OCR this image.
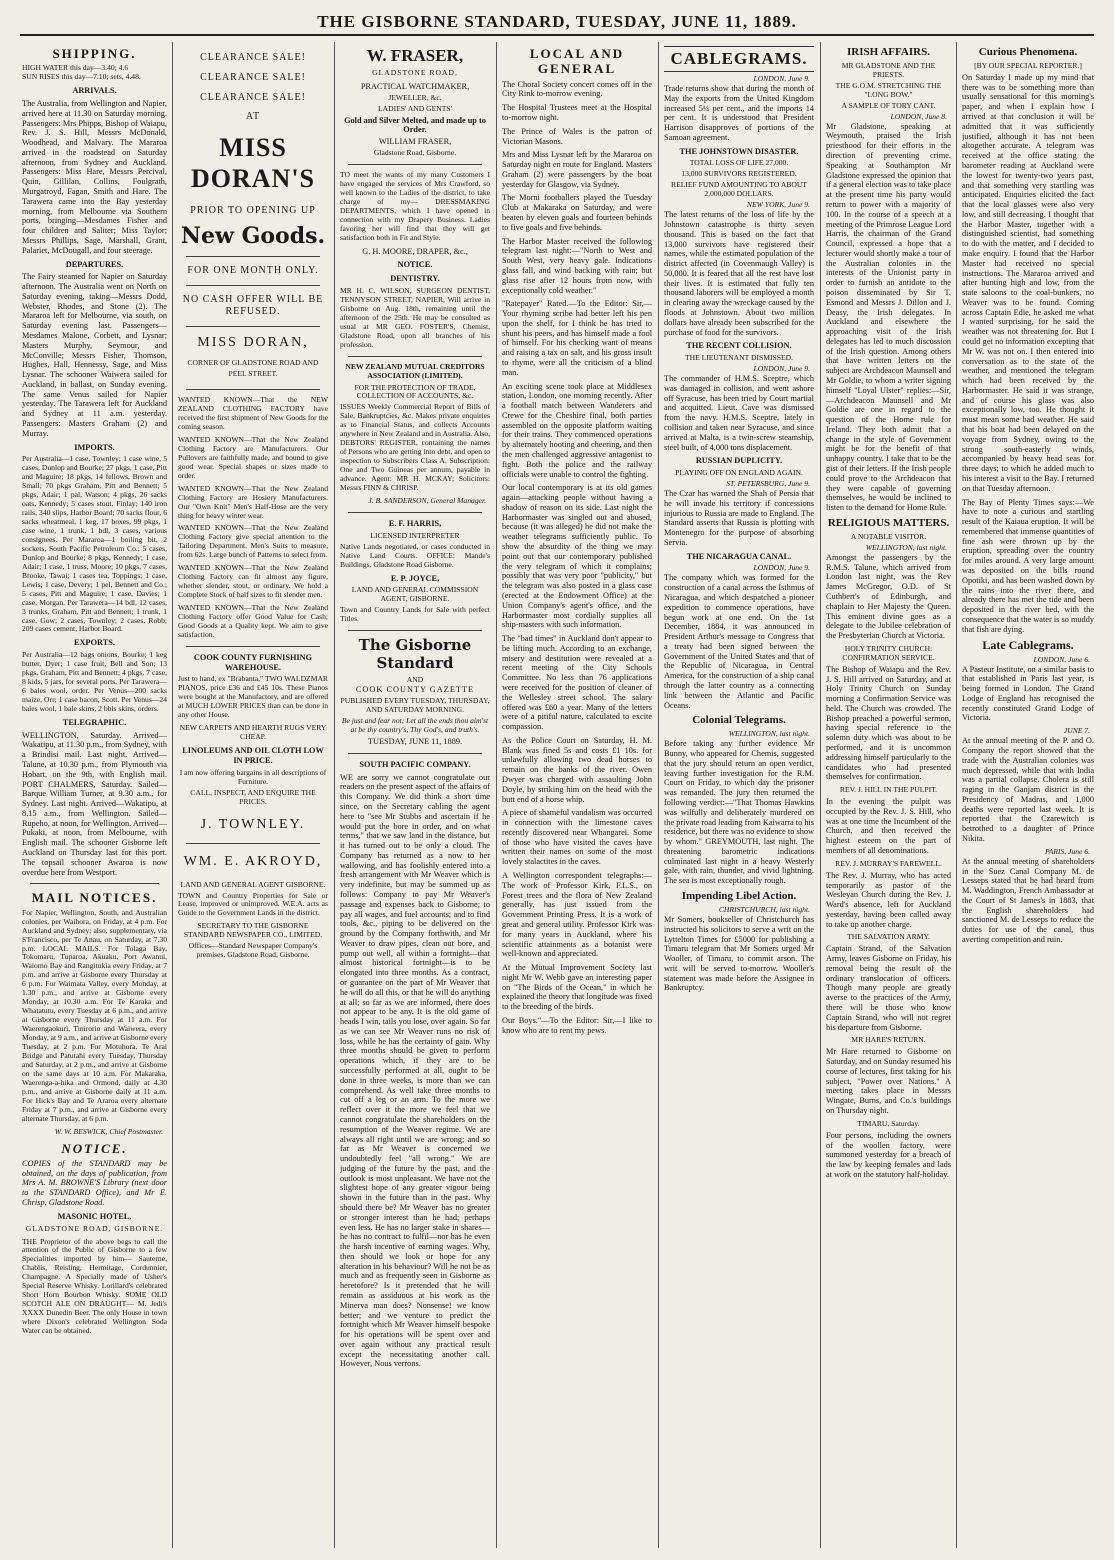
THE GISBORNE STANDARD, TUESDAY, JUNE 11, 1889.
SHIPPING.
HIGH WATER this day—3.40; 4.6
SUN RISES this day—7.10; sets, 4.48.
ARRIVALS.

The Australia, from Wellington and Napier, arrived here at 11.30 on Saturday morning. Passengers: Mrs Phipps, Bishop of Waiapu, Rev. J. S. Hill, Messrs McDonald, Woodhead, and Malvary. The Mararoa arrived in the roadstead on Saturday afternoon, from Sydney and Auckland. Passengers: Miss Hare, Messrs Percival, Quin, Gillilan, Collins, Foulgrath, Murgatroyd, Fagan, Smith and Hare. The Tarawera came into the Bay yesterday morning, from Melbourne via Southern ports, bringing—Mesdames Fisher and four children and Saliter; Miss Taylor; Messrs Phillips, Sage, Marshall, Grant, Palariet, McDougall, and four steerage.

DEPARTURES.

The Fairy steamed for Napier on Saturday afternoon. The Australia went on North on Saturday evening, taking—Messrs Dodd, Webster, Rhodes, and Stone (2). The Mararoa left for Melbourne, via south, on Saturday evening last. Passengers—Mesdames Malone, Corbett, and Lysnar; Masters Murphy, Seymour, and McConville; Messrs Fisher, Thomson, Hughes, Hall, Hennessy, Sage, and Miss Lysnar. The schooner Waiwera sailed for Auckland, in ballast, on Sunday evening. The same Venus sailed for Napier yesterday. The Tarawera left for Auckland and Sydney at 11 a.m. yesterday. Passengers: Masters Graham (2) and Murray.

IMPORTS.

Per Australia—1 case, Townley; 1 case wine, 5 cases, Dunlop and Bourke; 27 pkgs, 1 case, Pitt and Maguire; 18 pkgs, 14 fellows, Brown and Small; 70 pkgs Graham, Pitt and Bennett; 5 pkgs, Adair; 1 pal, Watson; 4 pkgs, 26 sacks oats, Kennedy; 5 cases stout, Finlay; 140 iron rails, 340 slips, Harbor Board; 70 sacks flour, 6 sacks wheatmeal, 1 keg, 17 boxes, 99 pkgs, 1 case wine, 1 trunk, 1 bdl, 3 cases, various consignees. Per Mararoa—1 boiling bit, 2 sockets, South Pacific Petroleum Co.; 5 cases, Dunlop and Bourke; 8 pkgs, Kennedy; 1 case, Adair; 1 case, 1 truss, Moore; 10 pkgs, 7 cases, Brooke, Tawai; 1 cases tea, Toppings; 1 case, Lewis; 1 case, Devery; 1 pel, Bennett and Co.; 5 cases, Pitt and Maguire; 1 case, Davies; 1 case, Morgan. Per Tarawera—14 bdl, 12 cases, 3 trunks, Graham, Pitt and Bennett; 1 trunk, 1 case, Gow; 2 cases, Townley; 2 cases, Robb; 209 cases cement, Harbor Board.

EXPORTS.

Per Australia—12 bags onions, Bourke; 1 keg butter, Dyer; 1 case fruit, Bell and Son; 13 pkgs, Graham, Pitt and Bennett; 4 pkgs, 7 case, 8 kids, 5 jars, for several ports. Per Tarawera—6 bales wool, order. Per Venus—200 sacks maize, Orr; 1 case bacon, Scott. Per Venus—24 bales wool, 1 bale skins, 2 bbls skins, orders.

TELEGRAPHIC.

WELLINGTON, Saturday. Arrived—Wakatipu, at 11.30 p.m., from Sydney, with a Brindisi mail. Last night. Arrived—Talune, at 10.30 p.m., from Plymouth via Hobart, on the 9th, with English mail. PORT CHALMERS, Saturday. Sailed—Barque William Turner, at 9.30 a.m., for Sydney. Last night. Arrived—Wakatipu, at 8.15 a.m., from Wellington. Sailed—Rupeho, at noon, for Wellington. Arrived—Pukaki, at noon, from Melbourne, with English mail. The schooner Gisborne left Auckland on Thursday last for this port. The topsail schooner Awaroa is now overdue here from Westport.

MAIL NOTICES.

For Napier, Wellington, South, and Australian colonies, per Waihora, on Friday, at 4 p.m. For Auckland and Sydney; also, supplementary, via S'Francisco, per Te Anau, on Saturday, at 7.30 p.m. LOCAL MAILS. For Tolaga Bay, Tokomaru, Tuparoa, Akuaku, Port Awanui, Waiomo Bay and Rangitukia every Friday, at 7 p.m. and arrive at Gisborne every Thursday at 6 p.m. For Waimata Valley, every Monday, at 1.30 p.m., and arrive at Gisborne every Monday, at 10.30 a.m. For Te Karaka and Whatatutu, every Tuesday at 6 p.m., and arrive at Gisborne every Thursday at 11 a.m. For Waerengaokuri, Tinirorio and Waiwera, every Monday, at 9 a.m., and arrive at Gisborne every Tuesday, at 2 p.m. For Motuhora, Te Arai Bridge and Patutahi every Tuesday, Thursday and Saturday, at 2 p.m., and arrive at Gisborne on the same days at 10 a.m. For Makaraka, Waerenga-a-hika and Ormond, daily at 4.30 p.m., and arrive at Gisborne daily at 11 a.m. For Hick's Bay and Te Araroa every alternate Friday at 7 p.m., and arrive at Gisborne every alternate Thursday, at 6 p.m.

W. W. BESWICK, Chief Postmaster.
NOTICE.

COPIES of the STANDARD may be obtained, on the days of publication, from Mrs A. M. BROWNE'S Library (next door to the STANDARD Office), and Mr E. Chrisp, Gladstone Road.

MASONIC HOTEL,
GLADSTONE ROAD, GISBORNE.

THE Proprietor of the above begs to call the attention of the Public of Gisborne to a few Specialities imported by him— Sauterne, Chablis, Reisling, Hermitage, Cordunnier, Champagne. A Specially made of Usher's Special Reserve Whisky. Lorillard's celebrated Short Horn Bourbon Whisky. SOME OLD SCOTCH ALE ON DRAUGHT— M. Jedi's XXXX Dunedin Beer. The only House in town where Dixon's celebrated Wellington Soda Water can be obtained.

CLEARANCE SALE!
CLEARANCE SALE!
CLEARANCE SALE!
AT
MISS DORAN'S
PRIOR TO OPENING UP
New Goods.
FOR ONE MONTH ONLY.
NO CASH OFFER WILL BE REFUSED.
MISS DORAN,
CORNER OF GLADSTONE ROAD AND
PEEL STREET.

WANTED KNOWN—That the NEW ZEALAND CLOTHING FACTORY have received the first shipment of New Goods for the coming season.

WANTED KNOWN—That the New Zealand Clothing Factory are Manufacturers. Our Pullovers are faithfully made, and bound to give good wear. Special shapes or sizes made to order.

WANTED KNOWN—That the New Zealand Clothing Factory are Hosiery Manufacturers. Our "Own Knit" Men's Half-Hose are the very thing for heavy winter wear.

WANTED KNOWN—That the New Zealand Clothing Factory give special attention to the Tailoring Department. Men's Suits to measure, from 62s. Large bunch of Patterns to select from.

WANTED KNOWN—That the New Zealand Clothing Factory can fit almost any figure, whether slender, stout, or ordinary. We hold a Complete Stock of half sizes to fit slender men.

WANTED KNOWN—That the New Zealand Clothing Factory offer Good Value for Cash; Good Goods at a Quality kept. We aim to give satisfaction.

COOK COUNTY FURNISHING WAREHOUSE.

Just to hand, ex "Brabanta," TWO WALDZMAR PIANOS, price £36 and £45 10s. These Pianos were bought at the Manufactory, and are offered at MUCH LOWER PRICES than can be done in any other House.

NEW CARPETS AND HEARTH RUGS VERY CHEAP.
LINOLEUMS AND OIL CLOTH LOW IN PRICE.
I am now offering bargains in all descriptions of Furniture.
CALL, INSPECT, AND ENQUIRE THE PRICES.
J. TOWNLEY.
WM. E. AKROYD,
LAND AND GENERAL AGENT GISBORNE.

TOWN and Country Properties for Sale or Lease, improved or unimproved. W.E.A. acts as Guide to the Government Lands in the district.

SECRETARY TO THE GISBORNE STANDARD NEWSPAPER CO., LIMITED.
Offices—Standard Newspaper Company's premises, Gladstone Road, Gisborne.
W. FRASER,
GLADSTONE ROAD,
PRACTICAL WATCHMAKER,
JEWELLER, &c.
LADIES' AND GENTS'
Gold and Silver Melted, and made up to Order.
WILLIAM FRASER,
Gladstone Road, Gisborne.

TO meet the wants of my many Customers I have engaged the services of Mrs Crawford, so well known to the Ladies of the district, to take charge of my— DRESSMAKING DEPARTMENTS, which I have opened in connection with my Drapery Business. Ladies favoring her will find that they will get satisfaction both in Fit and Style.

G. H. MOORE, DRAPER, &c.,
NOTICE.
DENTISTRY.

MR H. C. WILSON, SURGEON DENTIST, TENNYSON STREET, NAPIER, Will arrive in Gisborne on Aug. 18th, remaining until the afternoon of the 25th. He may be consulted as usual at MR GEO. FOSTER'S, Chemist, Gladstone Road, upon all branches of his profession.

NEW ZEALAND MUTUAL CREDITORS ASSOCIATION (LIMITED).
FOR THE PROTECTION OF TRADE, COLLECTION OF ACCOUNTS, &c.

ISSUES Weekly Commercial Report of Bills of Sale, Bankruptcies, &c. Makes private enquiries as to Financial Status, and collects Accounts anywhere in New Zealand and in Australia. Also, DEBTORS' REGISTER, containing the names of Persons who are getting into debt, and open to inspection to Subscribers Class A. Subscription: One and Two Guineas per annum, payable in advance. Agent: MR H. MCKAY; Solicitors: Messrs FINN & CHRISP.

J. B. SANDERSON, General Manager.
E. F. HARRIS,
LICENSED INTERPRETER

Native Lands negotiated, or cases conducted in Native Land Courts. OFFICE: Mande's Buildings, Gladstone Road Gisborne.

E. P. JOYCE,
LAND AND GENERAL COMMISSION AGENT, GISBORNE.

Town and Country Lands for Sale with perfect Titles.

The Gisborne Standard
AND
COOK COUNTY GAZETTE
PUBLISHED EVERY TUESDAY, THURSDAY, AND SATURDAY MORNING.
Be just and fear not; Let all the ends thou aim'st at be thy country's, Thy God's, and truth's.
TUESDAY, JUNE 11, 1889.
SOUTH PACIFIC COMPANY.

WE are sorry we cannot congratulate our readers on the present aspect of the affairs of this Company. We did think a short time since, on the Secretary cabling the agent here to "see Mr Stubbs and ascertain if he would put the bore in order, and on what terms," that we saw land in the distance, but it has turned out to be only a cloud. The Company has returned as a now to her wallowing, and has foolishly entered into a fresh arrangement with Mr Weaver which is very indefinite, but may be summed up as follows: Company to pay Mr Weaver's passage and expenses back to Gisborne; to pay all wages, and fuel accounts; and to find tools, &c., piping to be delivered on the ground by the Company forthwith, and Mr Weaver to draw pipes, clean out bore, and pump out well, all within a fortnight—that almost historical fortnight—is to be elongated into three months. As a contract, or guarantee on the part of Mr Weaver that he will do all this, or that he will do anything at all; so far as we are informed, there does not appear to be any. It is the old game of heads I win, tails you lose, over again. So far as we can see Mr Weaver runs no risk of loss, while he has the certainty of gain. Why three months should be given to perform operations which, if they are to be successfully performed at all, ought to be done in three weeks, is more than we can comprehend. As well take three months to cut off a leg or an arm. To the more we reflect over it the more we feel that we cannot congratulate the shareholders on the resumption of the Weaver regime. We are always all right until we are wrong; and so far as Mr Weaver is concerned we undoubtedly feel "all wrong." We are judging of the future by the past, and the outlook is most unpleasant. We have not the slightest hope of any greater vigour being shown in the future than in the past. Why should there be? Mr Weaver has no greater or stronger interest than he had; perhaps even less. He has no larger stake in shares—he has no contract to fulfil—nor has he even the harsh incentive of earning wages. Why, then should we look or hope for any alteration in his behaviour? Will he not be as much and as frequently seen in Gisborne as heretofore? Is it pretended that he will remain as assiduous at his work as the Minerva man does? Nonsense! we know better; and we venture to predict the fortnight which Mr Weaver himself bespoke for his operations will be spent over and over again without any practical result except the necessitating another call. However, Nous verrons.

LOCAL AND GENERAL

The Choral Society concert comes off in the City Rink to-morrow evening.

The Hospital Trustees meet at the Hospital to-morrow night.

The Prince of Wales is the patron of Victorian Masons.

Mrs and Miss Lysnar left by the Mararoa on Saturday night en route for England. Masters Graham (2) were passengers by the boat yesterday for Glasgow, via Sydney.

The Morni footballers played the Tuesday Club at Makaraka on Saturday, and were beaten by eleven goals and fourteen behinds to five goals and five behinds.

The Harbor Master received the following telegram last night:—"North to West and South West, very heavy gale. Indications glass fall, and wind backing with rain; but glass rise after 12 hours from now, with exceptionally cold weather."

"Ratepayer" Rated.—To the Editor: Sir,—Your rhyming scribe had better left his pen upon the shelf, for I think he has tried to shunt his peers, and has himself made a fool of himself. For his checking want of means and raising a tax on salt, and his gross insult to rhyme, were all the criticism of a blind man.

An exciting scene took place at Middlesex station, London, one morning recently. After a football match between Wanderers and Crewe for the Cheshire final, both parties assembled on the opposite platform waiting for their trains. They commenced operations by alternately hooting and cheering, and then the men challenged aggressive antagonist to fight. Both the police and the railway officials were unable to control the fighting.

Our local contemporary is at its old games again—attacking people without having a shadow of reason on its side. Last night the Harbormaster was singled out and abused, because (it was alleged) he did not make the weather telegrams sufficiently public. To show the absurdity of the thing we may point out that our contemporary published the very telegram of which it complains; possibly that was very poor "publicity," but the telegram was also posted in a glass case (erected at the Endowment Office) at the Union Company's agent's office, and the Harbormaster most cordially supplies all ship-masters with such information.

The "bad times" in Auckland don't appear to be lifting much. According to an exchange, misery and destitution were revealed at a recent meeting of the City Schools Committee. No less than 76 applications were received for the position of cleaner of the Wellesley street school. The salary offered was £60 a year. Many of the letters were of a pitiful nature, calculated to excite compassion.

As the Police Court on Saturday, H. M. Blank was fined 5s and costs £1 10s. for unlawfully allowing two dead horses to remain on the banks of the river. Owen Dwyer was charged with assaulting John Doyle, by striking him on the head with the butt end of a horse whip.

A piece of shameful vandalism was occurred in connection with the limestone caves recently discovered near Whangarei. Some of those who have visited the caves have written their names on some of the most lovely stalactites in the caves.

A Wellington correspondent telegraphs:—The work of Professor Kirk, F.L.S., on Forest trees and the flora of New Zealand generally, has just issued from the Government Printing Press. It is a work of great and general utility. Professor Kirk was for many years in Auckland, where his scientific attainments as a botanist were well-known and appreciated.

At the Mutual Improvement Society last night Mr W. Webb gave an interesting paper on "The Birds of the Ocean," in which he explained the theory that longitude was fixed to the breeding of the birds.

Our Boys."—To the Editor: Sir,—I like to know who are to rent my pews.

CABLEGRAMS.
LONDON, June 9.

Trade returns show that during the month of May the exports from the United Kingdom increased 5¼ per cent., and the imports 14 per cent. It is understood that President Harrison disapproves of portions of the Samoan agreement.

THE JOHNSTOWN DISASTER.
TOTAL LOSS OF LIFE 27,000.
13,000 SURVIVORS REGISTERED.
RELIEF FUND AMOUNTING TO ABOUT 2,000,000 DOLLARS.
NEW YORK, June 9.

The latest returns of the loss of life by the Johnstown catastrophe is thirty seven thousand. This is based on the fact that 13,000 survivors have registered their names, while the estimated population of the district affected (in Covenmaugh Valley) is 50,000. It is feared that all the rest have lost their lives. It is estimated that fully ten thousand laborers will be employed a month in clearing away the wreckage caused by the floods at Johnstown. About two million dollars have already been subscribed for the purchase of food for the survivors.

THE RECENT COLLISION.
THE LIEUTENANT DISMISSED.
LONDON, June 9.

The commander of H.M.S. Sceptre, which was damaged in collision, and went ashore off Syracuse, has been tried by Court martial and acquitted. Lieut. Cave was dismissed from the navy. H.M.S. Sceptre, lately in collision and taken near Syracuse, and since arrived at Malta, is a twin-screw steamship, steel built, of 4,000 tons displacement.

RUSSIAN DUPLICITY.
PLAYING OFF ON ENGLAND AGAIN.
ST. PETERSBURG, June 9.

The Czar has warned the Shah of Persia that he will invade his territory if concessions injurious to Russia are made to England. The Standard asserts that Russia is plotting with Montenegro for the purpose of absorbing Servia.

THE NICARAGUA CANAL.
LONDON, June 9.

The company which was formed for the construction of a canal across the Isthmus of Nicaragua, and which despatched a pioneer expedition to commence operations, have begun work at one end. On the 1st December, 1884, it was announced in President Arthur's message to Congress that a treaty had been signed between the Government of the United States and that of the Republic of Nicaragua, in Central America, for the construction of a ship canal through the latter country as a connecting link between the Atlantic and Pacific Oceans.

Colonial Telegrams.
WELLINGTON, last night.

Before taking any further evidence Mr Bunny, who appeared for Chemis, suggested that the jury should return an open verdict, leaving further investigation for the R.M. Court on Friday, to which day the prisoner was remanded. The jury then returned the following verdict:—"That Thomas Hawkins was wilfully and deliberately murdered on the private road leading from Kaiwarra to his residence, but there was no evidence to show by whom." GREYMOUTH, last night. The threatening barometric indications culminated last night in a heavy Westerly gale, with rain, thunder, and vivid lightning. The sea is most exceptionally rough.

Impending Libel Action.
CHRISTCHURCH, last night.

Mr Somers, bookseller of Christchurch has instructed his solicitors to serve a writ on the Lyttelton Times for £5000 for publishing a Timaru telegram that Mr Somers urged Mr Wooller, of Timaru, to commit arson. The writ will be served to-morrow. Wooller's statement was made before the Assignee in Bankruptcy.

IRISH AFFAIRS.
MR GLADSTONE AND THE PRIESTS.
THE G.O.M. STRETCHING THE "LONG BOW."
A SAMPLE OF TORY CANT.
LONDON, June 8.

Mr Gladstone, speaking at Weymouth, praised the Irish priesthood for their efforts in the direction of preventing crime. Speaking at Southampton Mr Gladstone expressed the opinion that if a general election was to take place at the present time his party would return to power with a majority of 100. In the course of a speech at a meeting of the Primrose League Lord Harris, the chairman of the Grand Council, expressed a hope that a lecturer would shortly make a tour of the Australian colonies in the interests of the Unionist party in order to furnish an antidote to the poison disseminated by Sir T. Esmond and Messrs J. Dillon and J. Deasy, the Irish delegates. In Auckland and elsewhere the approaching visit of the Irish delegates has led to much discussion of the Irish question. Among others that have written letters on the subject are Archdeacon Maunsell and Mr Goldie, to whom a writer signing himself "Loyal Ulster" replies:—Sir,—Archdeacon Maunsell and Mr Goldie are one in regard to the question of the Home rule for Ireland. They both admit that a change in the style of Government might be for the benefit of that unhappy country. I take that to be the gist of their letters. If the Irish people could prove to the Archdeacon that they were capable of governing themselves, he would be inclined to listen to the demand for Home Rule.

RELIGIOUS MATTERS.
A NOTABLE VISITOR.
WELLINGTON, last night.

Amongst the passengers by the R.M.S. Talune, which arrived from London last night, was the Rev James McGregor, O.D. of St Cuthbert's of Edinburgh, and chaplain to Her Majesty the Queen. This eminent divine goes as a delegate to the Jubilee celebration of the Presbyterian Church at Victoria.

HOLY TRINITY CHURCH: CONFIRMATION SERVICE.

The Bishop of Waiapu and the Rev. J. S. Hill arrived on Saturday, and at Holy Trinity Church on Sunday morning a Confirmation Service was held. The Church was crowded. The Bishop preached a powerful sermon, having special reference to the solemn duty which was about to be performed, and it is uncommon addressing himself particularly to the candidates who had presented themselves for confirmation.

REV. J. HILL IN THE PULPIT.

In the evening the pulpit was occupied by the Rev. J. S. Hill, who was at one time the Incumbent of the Church, and then received the highest esteem on the part of members of all denominations.

REV. J. MURRAY'S FAREWELL.

The Rev. J. Murray, who has acted temporarily as pastor of the Wesleyan Church during the Rev. J. Ward's absence, left for Auckland yesterday, having been called away to take up another charge.

THE SALVATION ARMY.

Captain Strand, of the Salvation Army, leaves Gisborne on Friday, his removal being the result of the ordinary translocation of officers. Though many people are greatly averse to the practices of the Army, there will be those who know Captain Strand, who will not regret his departure from Gisborne.

MR HARE'S RETURN.

Mr Hare returned to Gisborne on Saturday, and on Sunday resumed his course of lectures, first taking for his subject, "Power over Nations." A meeting takes place in Messrs Wingate, Burns, and Co.'s buildings on Thursday night.

TIMARU, Saturday.

Four persons, including the owners of the woollen factory, were summoned yesterday for a breach of the law by keeping females and lads at work on the statutory half-holiday.

Curious Phenomena.
[BY OUR SPECIAL REPORTER.]

On Saturday I made up my mind that there was to be something more than usually sensational for this morning's paper, and when I explain how I arrived at that conclusion it will be admitted that it was sufficiently justified, although it has not been altogether accurate. A telegram was received at the office stating the barometer reading at Auckland were the lowest for twenty-two years past, and that something very startling was anticipated. Enquiries elicited the fact that the local glasses were also very low, and still decreasing. I thought that the Harbor Master, together with a distinguished scientist, had something to do with the matter, and I decided to make enquiry. I found that the Harbor Master had received no special instructions. The Mararoa arrived and after hunting high and low, from the state saloons to the coal-bunkers, no Weaver was to be found. Coming across Captain Edie, he asked me what I wanted surprising, for he said the weather was not threatening for. But I could get no information excepting that Mr W. was not on. I then entered into conversation as to the state of the weather, and mentioned the telegram which had been received by the Harbormaster. He said it was strange, and of course his glass was also exceptionally low, too. He thought it must mean some bad weather. He said that his boat had been delayed on the voyage from Sydney, owing to the strong south-easterly winds, accompanied by heavy head seas for three days; to which he added much to his interest a visit to the Bay. I returned on that Tuesday afternoon.

The Bay of Plenty Times says:—We have to note a curious and startling result of the Kaiaua eruption. It will be remembered that immense quantities of fine ash were thrown up by the eruption, spreading over the country for miles around. A very large amount was deposited on the bills round Opotiki, and has been washed down by the rains into the river there, and already there has met the tide and been deposited in the river bed, with the consequence that the water is so muddy that fish are dying.

Late Cablegrams.
LONDON, June 6.

A Pasteur Institute, on a similar basis to that established in Paris last year, is being formed in London. The Grand Lodge of England has recognised the recently constituted Grand Lodge of Victoria.

JUNE 7.

At the annual meeting of the P. and O. Company the report showed that the trade with the Australian colonies was much depressed, while that with India was a partial collapse. Cholera is still raging in the Ganjam district in the Presidency of Madras, and 1,000 deaths were reported last week. It is reported that the Czarewitch is betrothed to a daughter of Prince Nikita.

PARIS, June 6.

At the annual meeting of shareholders in the Suez Canal Company M. de Lesseps stated that he had heard from M. Waddington, French Ambassador at the Court of St James's in 1883, that the English shareholders had sanctioned M. de Lesseps to reduce the duties for use of the canal, thus averting competition and ruin.
